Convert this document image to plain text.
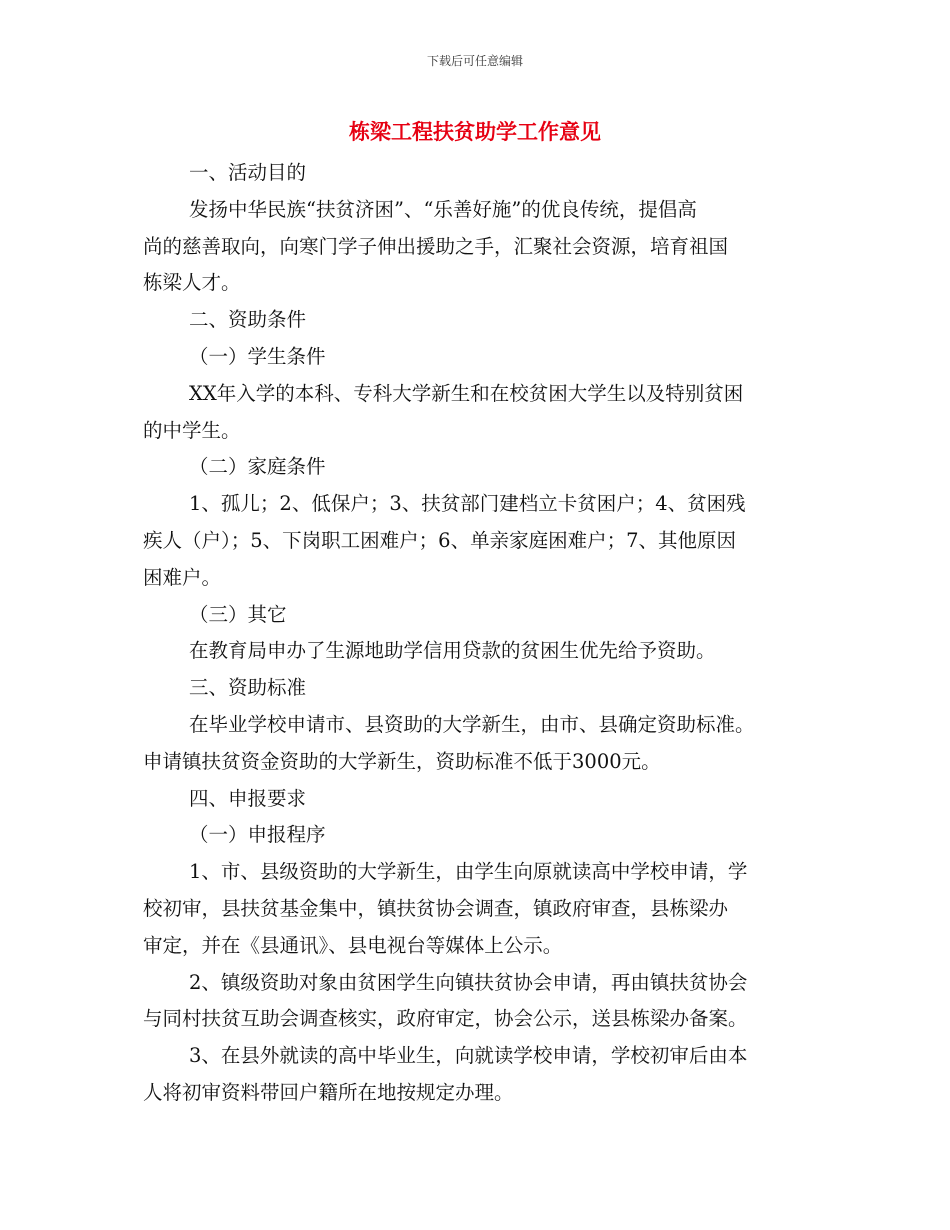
下载后可任意编辑
栋梁工程扶贫助学工作意见
一、活动目的
发扬中华民族“扶贫济困”、“乐善好施”的优良传统，提倡高
尚的慈善取向，向寒门学子伸出援助之手，汇聚社会资源，培育祖国
栋梁人才。
二、资助条件
（一）学生条件
XX年入学的本科、专科大学新生和在校贫困大学生以及特别贫困
的中学生。
（二）家庭条件
1、孤儿；2、低保户；3、扶贫部门建档立卡贫困户；4、贫困残
疾人（户）；5、下岗职工困难户；6、单亲家庭困难户；7、其他原因
困难户。
（三）其它
在教育局申办了生源地助学信用贷款的贫困生优先给予资助。
三、资助标准
在毕业学校申请市、县资助的大学新生，由市、县确定资助标准。
申请镇扶贫资金资助的大学新生，资助标准不低于3000元。
四、申报要求
（一）申报程序
1、市、县级资助的大学新生，由学生向原就读高中学校申请，学
校初审，县扶贫基金集中，镇扶贫协会调查，镇政府审查，县栋梁办
审定，并在《县通讯》、县电视台等媒体上公示。
2、镇级资助对象由贫困学生向镇扶贫协会申请，再由镇扶贫协会
与同村扶贫互助会调查核实，政府审定，协会公示，送县栋梁办备案。
3、在县外就读的高中毕业生，向就读学校申请，学校初审后由本
人将初审资料带回户籍所在地按规定办理。
